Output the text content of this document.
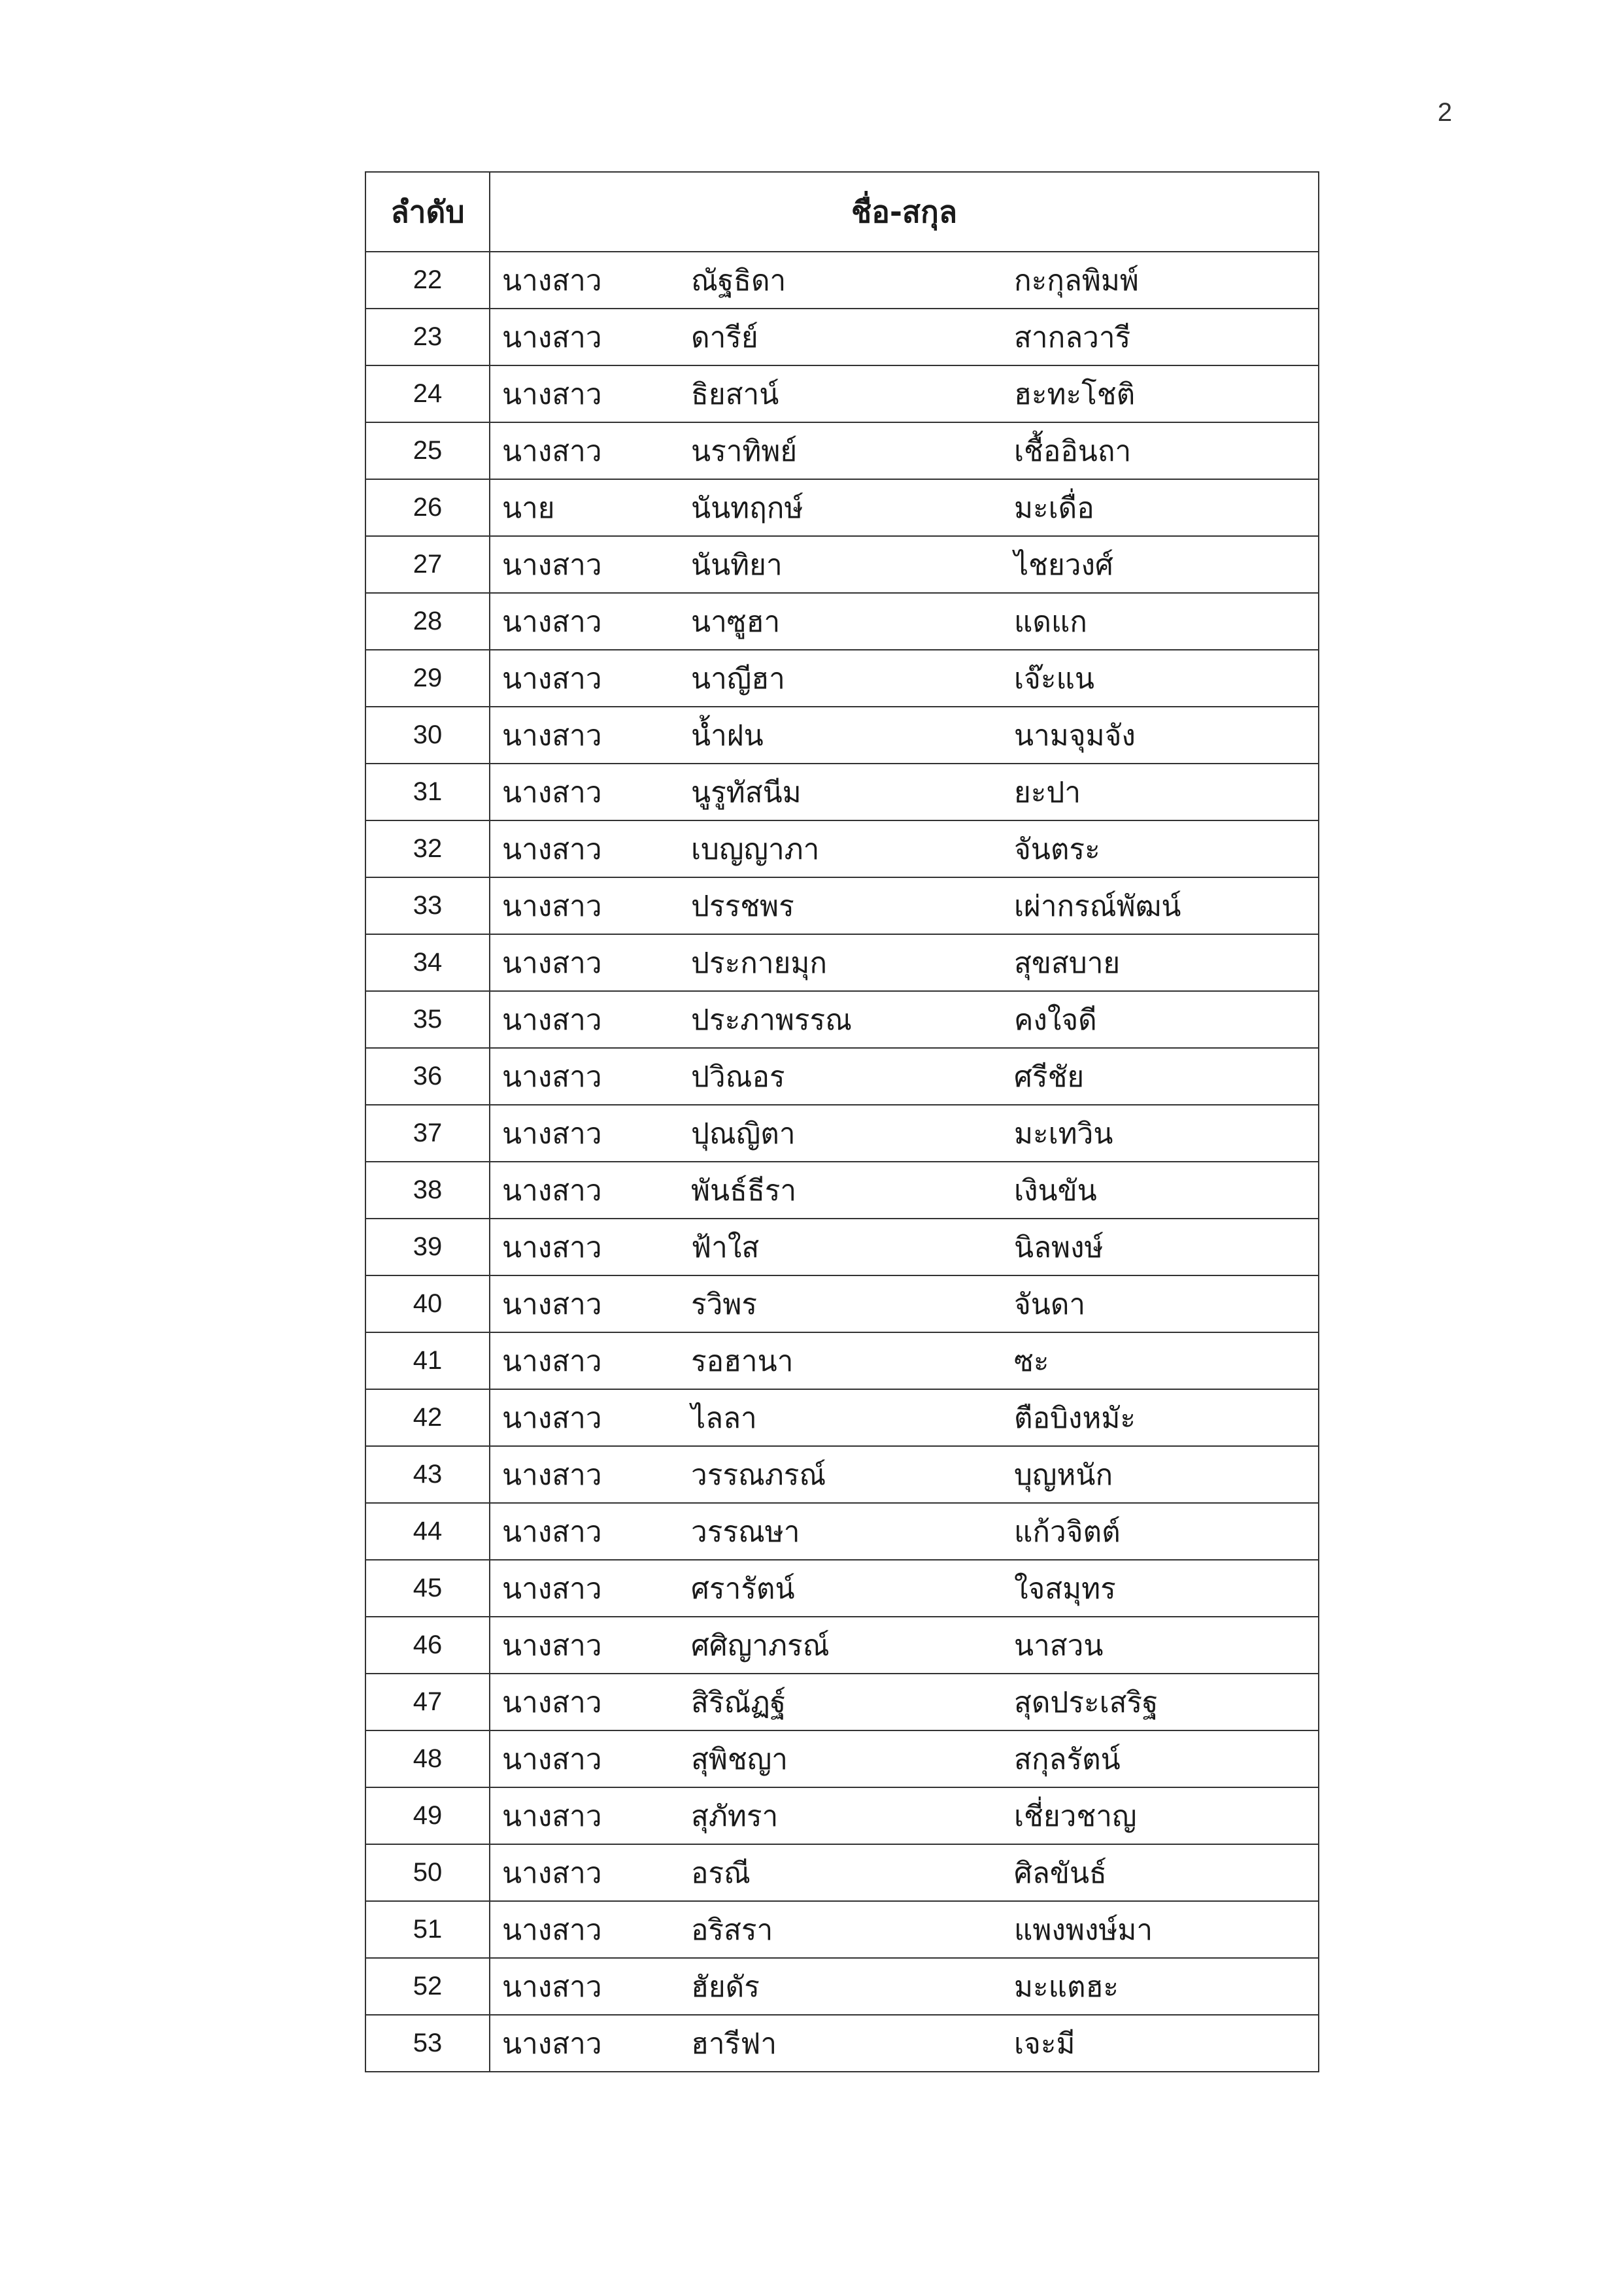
2
ลำดับ	ชื่อ-สกุล		
22	นางสาว	ณัฐธิดา	กะกุลพิมพ์
23	นางสาว	ดารีย์	สากลวารี
24	นางสาว	ธิยสาน์	ฮะทะโชติ
25	นางสาว	นราทิพย์	เชื้ออินถา
26	นาย	นันทฤกษ์	มะเดื่อ
27	นางสาว	นันทิยา	ไชยวงศ์
28	นางสาว	นาซูฮา	แดแก
29	นางสาว	นาญีฮา	เจ๊ะแน
30	นางสาว	น้ำฝน	นามจุมจัง
31	นางสาว	นูรูทัสนีม	ยะปา
32	นางสาว	เบญญาภา	จันตระ
33	นางสาว	ปรรชพร	เผ่ากรณ์พัฒน์
34	นางสาว	ประกายมุก	สุขสบาย
35	นางสาว	ประภาพรรณ	คงใจดี
36	นางสาว	ปวิณอร	ศรีชัย
37	นางสาว	ปุณญิตา	มะเทวิน
38	นางสาว	พันธ์ธีรา	เงินขัน
39	นางสาว	ฟ้าใส	นิลพงษ์
40	นางสาว	รวิพร	จันดา
41	นางสาว	รอฮานา	ซะ
42	นางสาว	ไลลา	ตือบิงหมัะ
43	นางสาว	วรรณภรณ์	บุญหนัก
44	นางสาว	วรรณษา	แก้วจิตต์
45	นางสาว	ศรารัตน์	ใจสมุทร
46	นางสาว	ศศิญาภรณ์	นาสวน
47	นางสาว	สิริณัฏฐ์	สุดประเสริฐ
48	นางสาว	สุพิชญา	สกุลรัตน์
49	นางสาว	สุภัทรา	เชี่ยวชาญ
50	นางสาว	อรณี	ศิลขันธ์
51	นางสาว	อริสรา	แพงพงษ์มา
52	นางสาว	ฮัยดัร	มะแตฮะ
53	นางสาว	ฮารีฟา	เจะมี
